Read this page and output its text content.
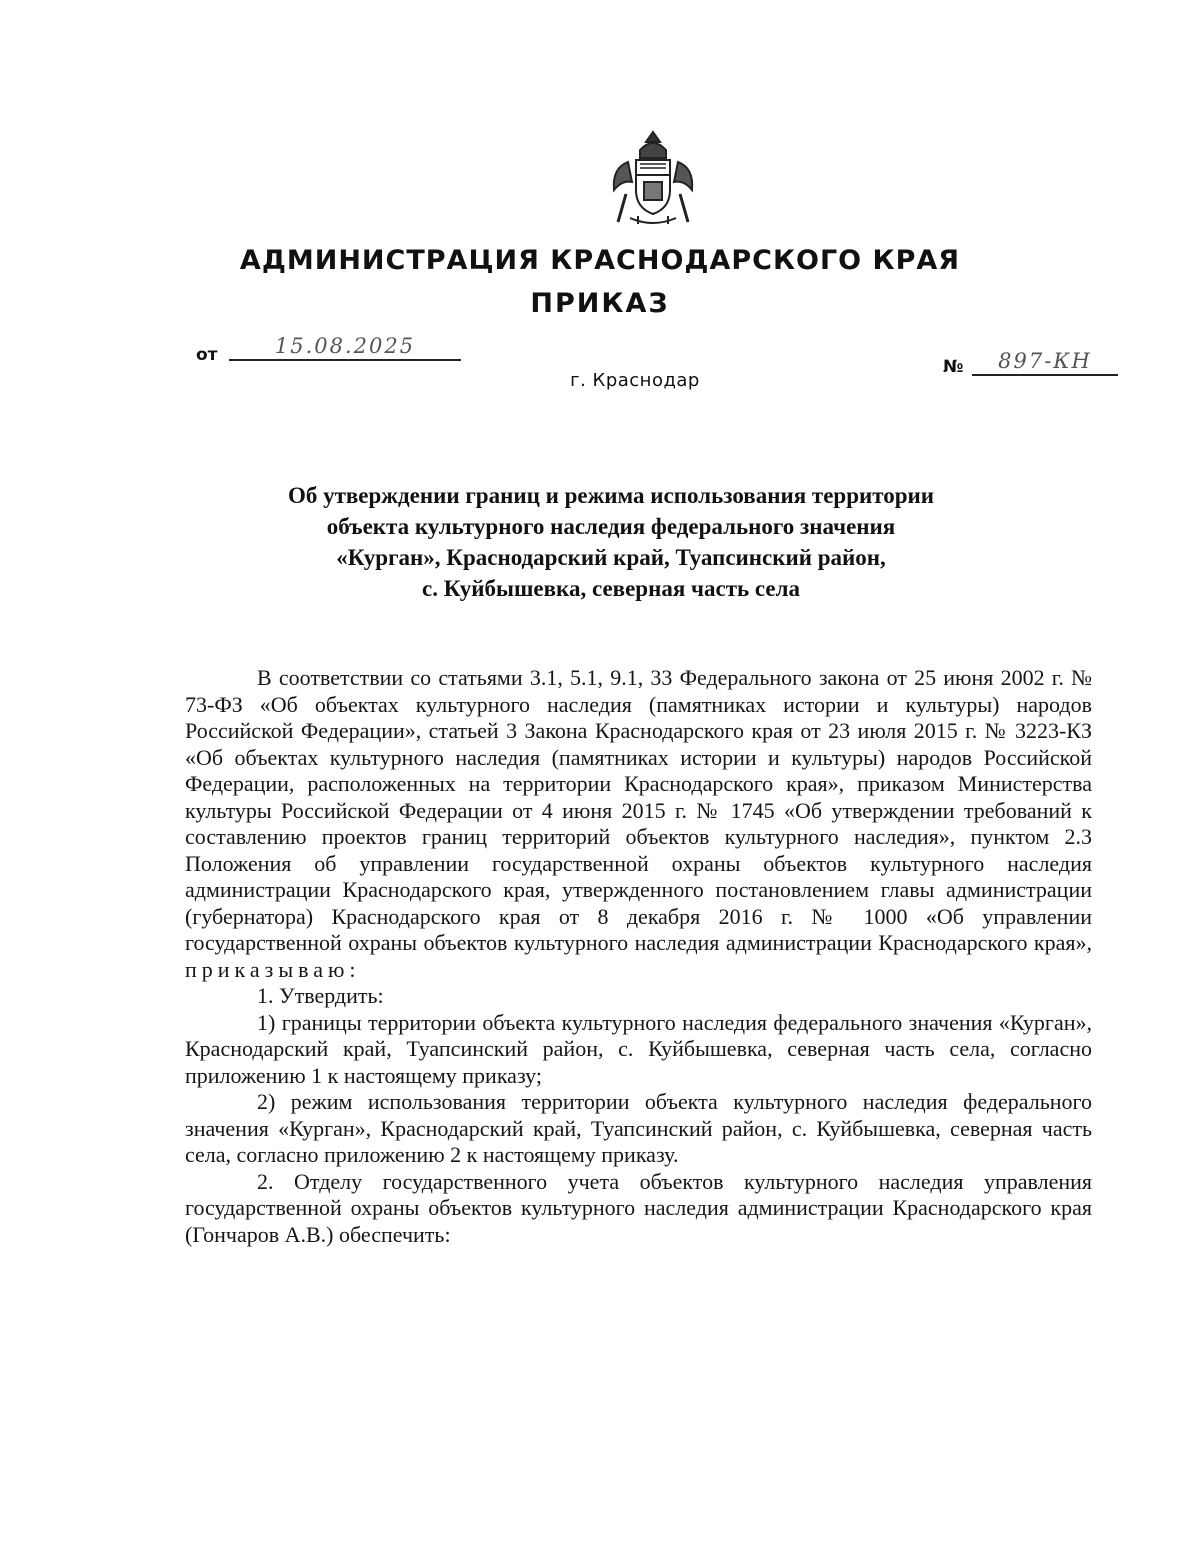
АДМИНИСТРАЦИЯ КРАСНОДАРСКОГО КРАЯ
ПРИКАЗ
от	15.08.2025
№	897-КН
г. Краснодар
Об утверждении границ и режима использования территории
объекта культурного наследия федерального значения
«Курган», Краснодарский край, Туапсинский район,
с. Куйбышевка, северная часть села

В соответствии со статьями 3.1, 5.1, 9.1, 33 Федерального закона от 25 июня 2002 г. № 73-ФЗ «Об объектах культурного наследия (памятниках истории и культуры) народов Российской Федерации», статьей 3 Закона Краснодарского края от 23 июля 2015 г. № 3223-КЗ «Об объектах культурного наследия (памятниках истории и культуры) народов Российской Федерации, расположенных на территории Краснодарского края», приказом Министерства культуры Российской Федерации от 4 июня 2015 г. № 1745 «Об утверждении требований к составлению проектов границ территорий объектов культурного наследия», пунктом 2.3 Положения об управлении государственной охраны объектов культурного наследия администрации Краснодарского края, утвержденного постановлением главы администрации (губернатора) Краснодарского края от 8 декабря 2016 г. № 1000 «Об управлении государственной охраны объектов культурного наследия администрации Краснодарского края», приказываю:

1. Утвердить:

1) границы территории объекта культурного наследия федерального значения «Курган», Краснодарский край, Туапсинский район, с. Куйбышевка, северная часть села, согласно приложению 1 к настоящему приказу;

2) режим использования территории объекта культурного наследия федерального значения «Курган», Краснодарский край, Туапсинский район, с. Куйбышевка, северная часть села, согласно приложению 2 к настоящему приказу.

2. Отделу государственного учета объектов культурного наследия управления государственной охраны объектов культурного наследия администрации Краснодарского края (Гончаров А.В.) обеспечить:
